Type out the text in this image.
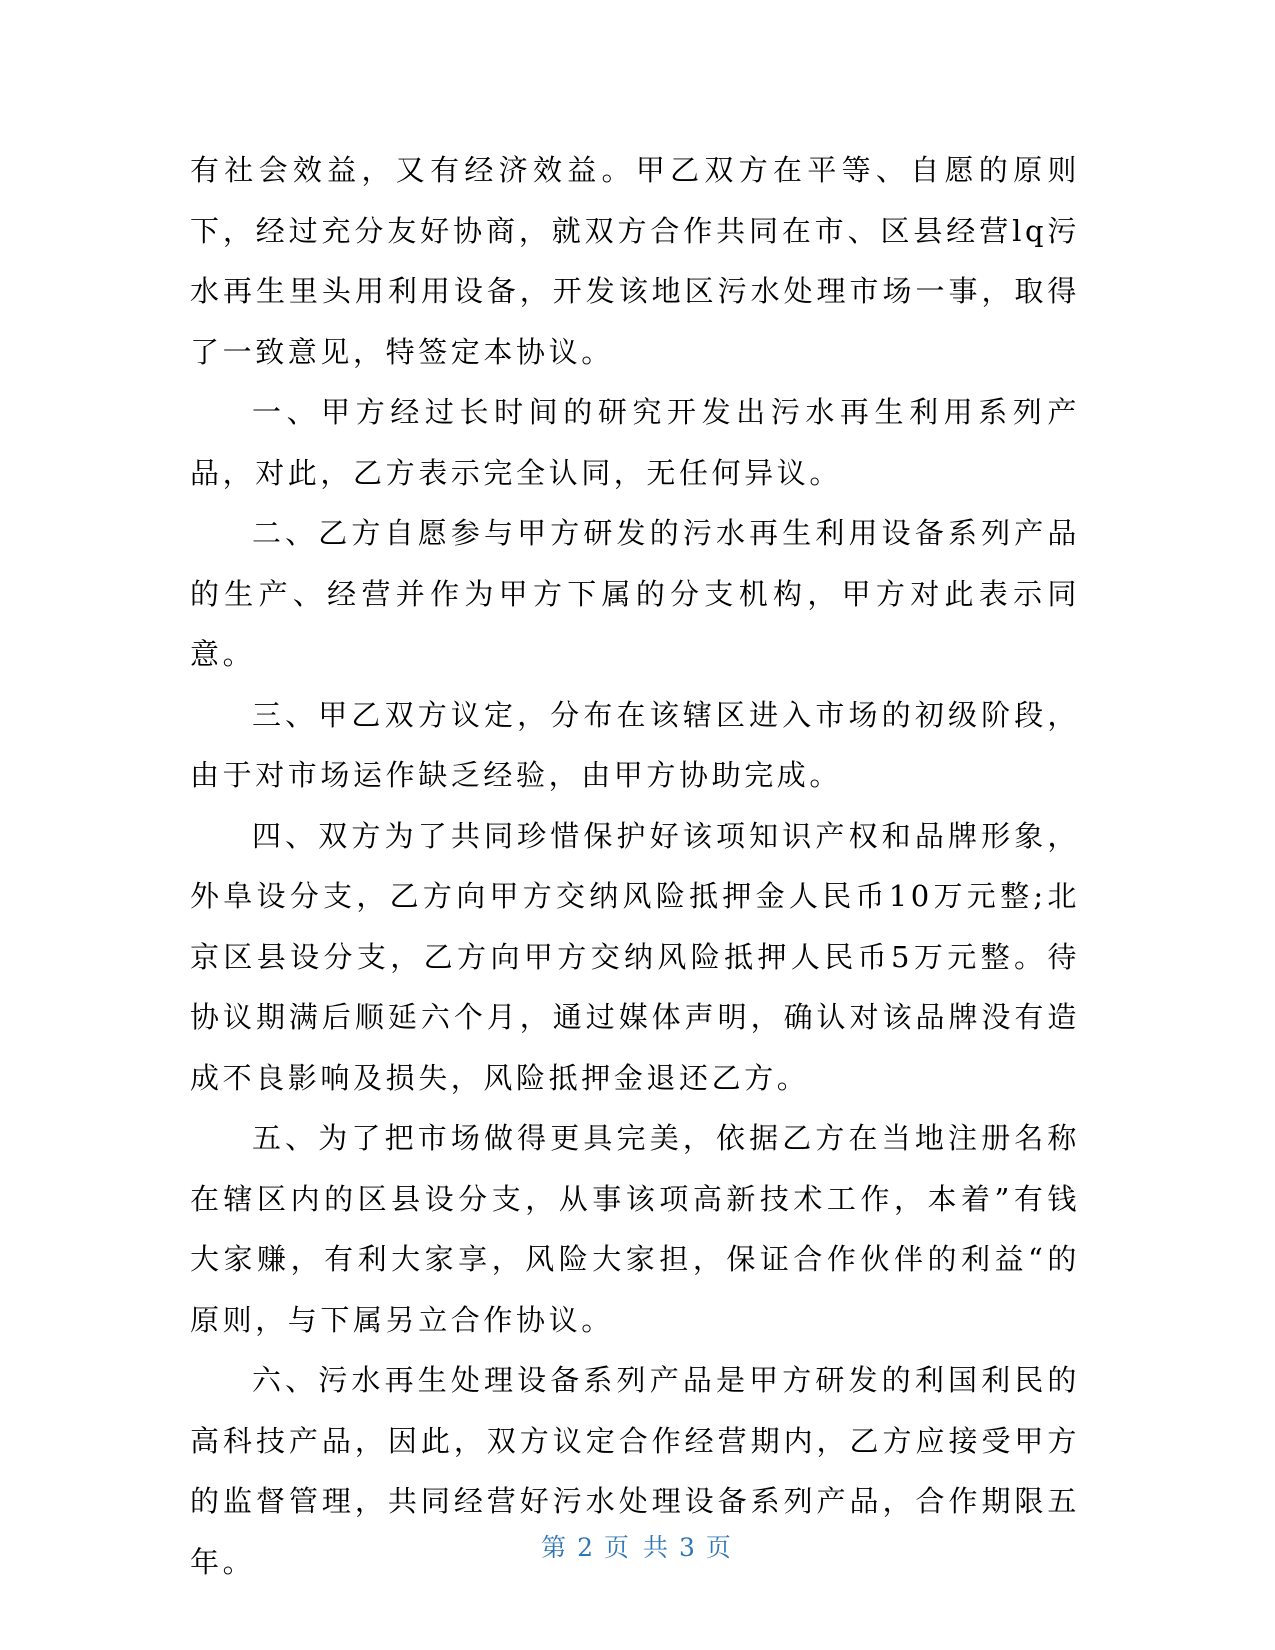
有社会效益，又有经济效益。甲乙双方在平等、自愿的原则下，经过充分友好协商，就双方合作共同在市、区县经营lq污水再生里头用利用设备，开发该地区污水处理市场一事，取得了一致意见，特签定本协议。

一、甲方经过长时间的研究开发出污水再生利用系列产品，对此，乙方表示完全认同，无任何异议。

二、乙方自愿参与甲方研发的污水再生利用设备系列产品的生产、经营并作为甲方下属的分支机构，甲方对此表示同意。

三、甲乙双方议定，分布在该辖区进入市场的初级阶段，由于对市场运作缺乏经验，由甲方协助完成。

四、双方为了共同珍惜保护好该项知识产权和品牌形象，外阜设分支，乙方向甲方交纳风险抵押金人民币10万元整;北京区县设分支，乙方向甲方交纳风险抵押人民币5万元整。待协议期满后顺延六个月，通过媒体声明，确认对该品牌没有造成不良影响及损失，风险抵押金退还乙方。

五、为了把市场做得更具完美，依据乙方在当地注册名称在辖区内的区县设分支，从事该项高新技术工作，本着”有钱大家赚，有利大家享，风险大家担，保证合作伙伴的利益“的原则，与下属另立合作协议。

六、污水再生处理设备系列产品是甲方研发的利国利民的高科技产品，因此，双方议定合作经营期内，乙方应接受甲方的监督管理，共同经营好污水处理设备系列产品，合作期限五年。	第 2 页 共 3 页
